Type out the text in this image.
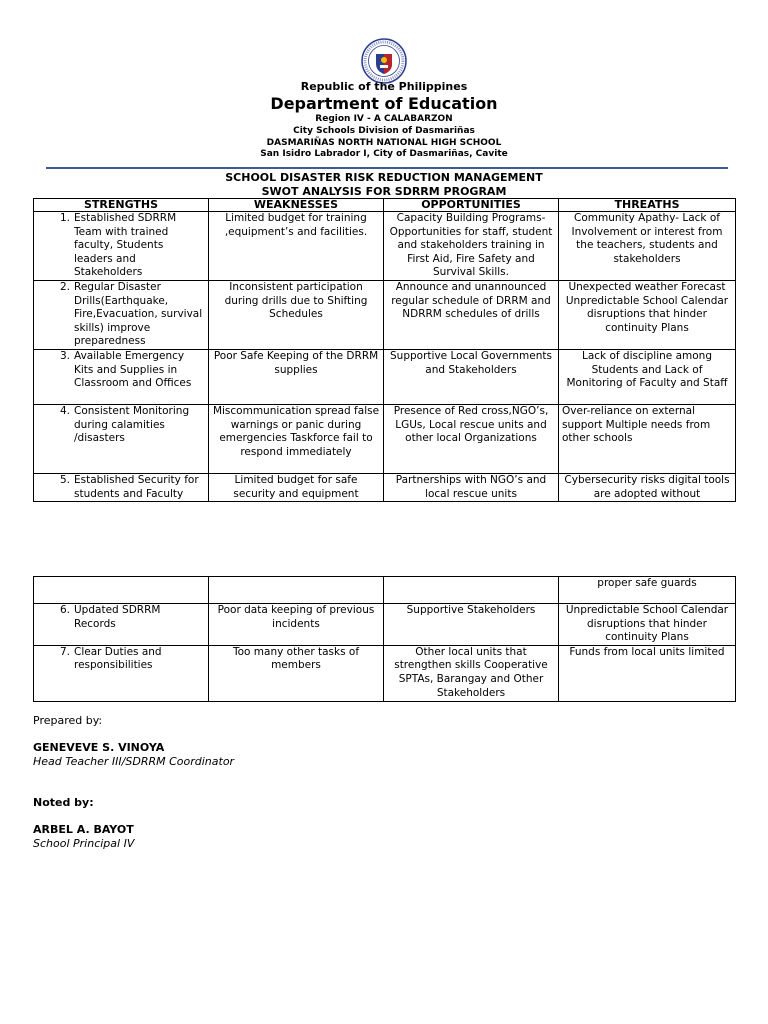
Republic of the Philippines
Department of Education
Region IV - A CALABARZON
City Schools Division of Dasmariñas
DASMARIÑAS NORTH NATIONAL HIGH SCHOOL
San Isidro Labrador I, City of Dasmariñas, Cavite
SCHOOL DISASTER RISK REDUCTION MANAGEMENT
SWOT ANALYSIS FOR SDRRM PROGRAM
STRENGTHS	WEAKNESSES	OPPORTUNITIES	THREATHS

1. Established SDRRM Team with trained faculty, Students leaders and Stakeholders	Limited budget for training ,equipment’s and facilities.	Capacity Building Programs- Opportunities for staff, student and stakeholders training in First Aid, Fire Safety and Survival Skills.	Community Apathy- Lack of Involvement or interest from the teachers, students and stakeholders

2. Regular Disaster Drills(Earthquake, Fire,Evacuation, survival skills) improve preparedness	Inconsistent participation during drills due to Shifting Schedules	Announce and unannounced regular schedule of DRRM and NDRRM schedules of drills	Unexpected weather Forecast Unpredictable School Calendar disruptions that hinder continuity Plans

3. Available Emergency Kits and Supplies in Classroom and Offices	Poor Safe Keeping of the DRRM supplies	Supportive Local Governments and Stakeholders	Lack of discipline among Students and Lack of Monitoring of Faculty and Staff

4. Consistent Monitoring during calamities /disasters	Miscommunication spread false warnings or panic during emergencies Taskforce fail to respond immediately	Presence of Red cross,NGO’s, LGUs, Local rescue units and other local Organizations	Over-reliance on external support Multiple needs from other schools

5. Established Security for students and Faculty	Limited budget for safe security and equipment	Partnerships with NGO’s and local rescue units	Cybersecurity risks digital tools are adopted without
			proper safe guards

6. Updated SDRRM Records	Poor data keeping of previous incidents	Supportive Stakeholders	Unpredictable School Calendar disruptions that hinder continuity Plans

7. Clear Duties and responsibilities	Too many other tasks of members	Other local units that strengthen skills Cooperative SPTAs, Barangay and Other Stakeholders	Funds from local units limited
Prepared by:
GENEVEVE S. VINOYA
Head Teacher III/SDRRM Coordinator
Noted by:
ARBEL A. BAYOT
School Principal IV
